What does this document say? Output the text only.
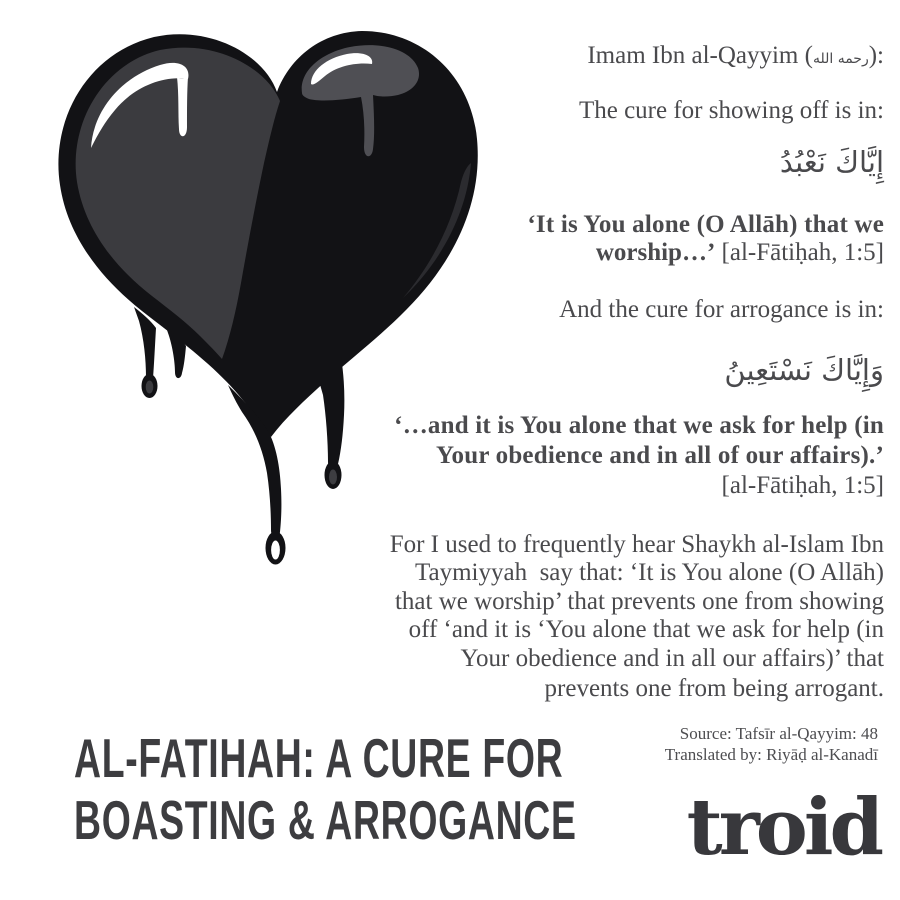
Imam Ibn al-Qayyim (رحمه الله):
The cure for showing off is in:
إِيَّاكَ نَعْبُدُ
‘It is You alone (O Allāh) that we
worship…’ [al-Fātiḥah, 1:5]
And the cure for arrogance is in:
وَإِيَّاكَ نَسْتَعِينُ
‘…and it is You alone that we ask for help (in
Your obedience and in all of our affairs).’
[al-Fātiḥah, 1:5]
For I used to frequently hear Shaykh al-Islam Ibn
Taymiyyah  say that: ‘It is You alone (O Allāh)
that we worship’ that prevents one from showing
off ‘and it is ‘You alone that we ask for help (in
Your obedience and in all our affairs)’ that
prevents one from being arrogant.
Source: Tafsīr al-Qayyim: 48
Translated by: Riyāḍ al-Kanadī
AL-FATIHAH: A CURE FOR
BOASTING & ARROGANCE troid
